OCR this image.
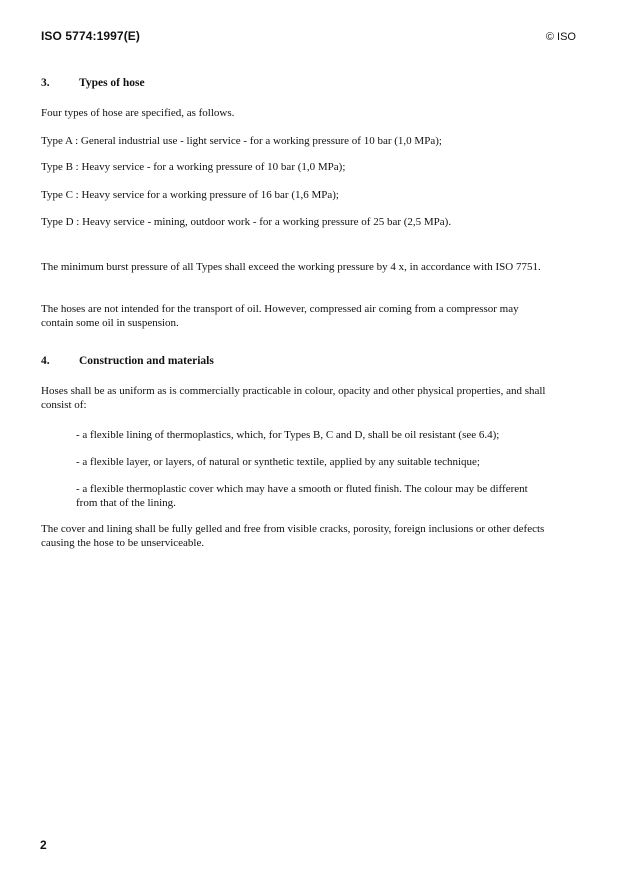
ISO 5774:1997(E)	© ISO
3.	Types of hose
Four types of hose are specified, as follows.
Type A : General industrial use - light service - for a working pressure of 10 bar (1,0 MPa);
Type B : Heavy service - for a working pressure of 10 bar (1,0 MPa);
Type C : Heavy service for a working pressure of 16 bar (1,6 MPa);
Type D : Heavy service - mining, outdoor work - for a working pressure of 25 bar (2,5 MPa).
The minimum burst pressure of all Types shall exceed the working pressure by 4 x, in accordance with ISO 7751.
The hoses are not intended for the transport of oil. However, compressed air coming from a compressor may contain some oil in suspension.
4.	Construction and materials
Hoses shall be as uniform as is commercially practicable in colour, opacity and other physical properties, and shall consist of:
- a flexible lining of thermoplastics, which, for Types B, C and D, shall be oil resistant (see 6.4);
- a flexible layer, or layers, of natural or synthetic textile, applied by any suitable technique;
- a flexible thermoplastic cover which may have a smooth or fluted finish. The colour may be different from that of the lining.
The cover and lining shall be fully gelled and free from visible cracks, porosity, foreign inclusions or other defects causing the hose to be unserviceable.
2
